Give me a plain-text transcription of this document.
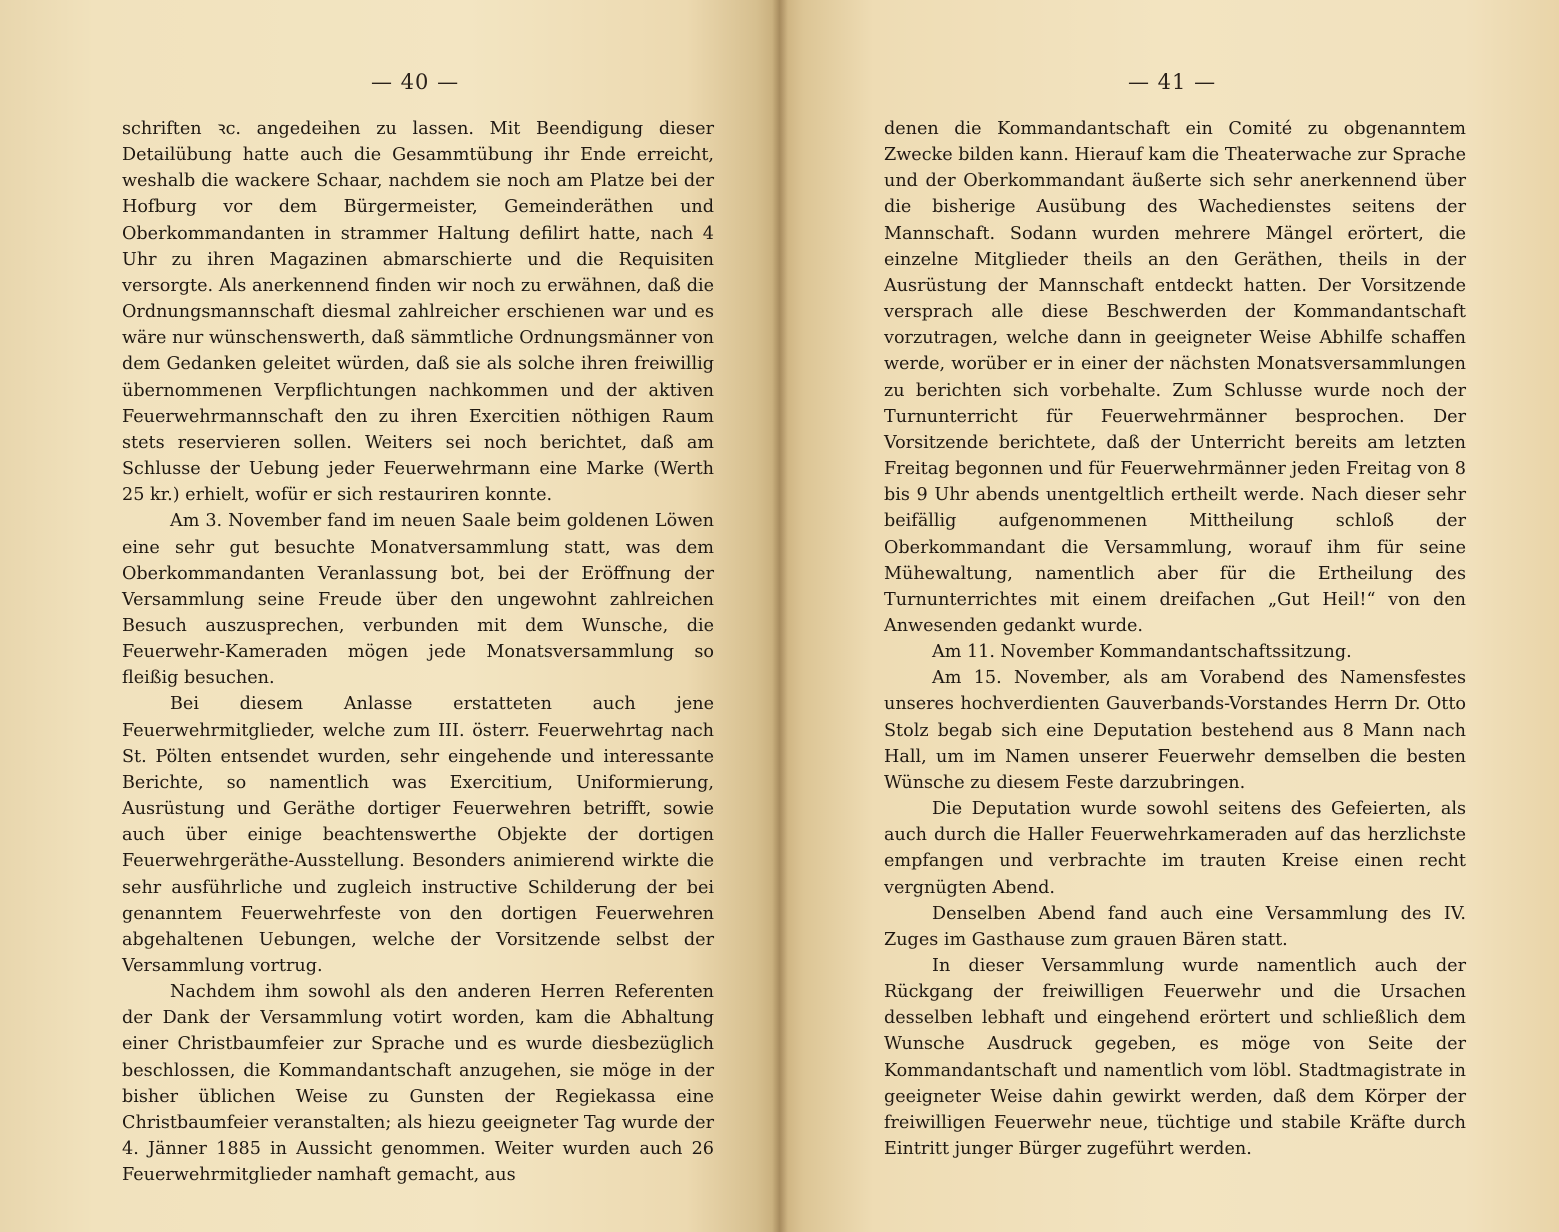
— 40 —

schriften ꝛc. angedeihen zu lassen. Mit Beendigung dieser Detailübung hatte auch die Gesammtübung ihr Ende erreicht, weshalb die wackere Schaar, nachdem sie noch am Platze bei der Hofburg vor dem Bürgermeister, Gemeinderäthen und Oberkommandanten in strammer Haltung defilirt hatte, nach 4 Uhr zu ihren Magazinen abmarschierte und die Requisiten versorgte. Als anerkennend finden wir noch zu erwähnen, daß die Ordnungsmannschaft diesmal zahlreicher erschienen war und es wäre nur wünschenswerth, daß sämmtliche Ordnungsmänner von dem Gedanken geleitet würden, daß sie als solche ihren freiwillig übernommenen Verpflichtungen nachkommen und der aktiven Feuerwehrmannschaft den zu ihren Exercitien nöthigen Raum stets reservieren sollen. Weiters sei noch berichtet, daß am Schlusse der Uebung jeder Feuerwehrmann eine Marke (Werth 25 kr.) erhielt, wofür er sich restauriren konnte.

Am 3. November fand im neuen Saale beim goldenen Löwen eine sehr gut besuchte Monatversammlung statt, was dem Oberkommandanten Veranlassung bot, bei der Eröffnung der Versammlung seine Freude über den ungewohnt zahlreichen Besuch auszusprechen, verbunden mit dem Wunsche, die Feuerwehr-Kameraden mögen jede Monatsversammlung so fleißig besuchen.

Bei diesem Anlasse erstatteten auch jene Feuerwehrmitglieder, welche zum III. österr. Feuerwehrtag nach St. Pölten entsendet wurden, sehr eingehende und interessante Berichte, so namentlich was Exercitium, Uniformierung, Ausrüstung und Geräthe dortiger Feuerwehren betrifft, sowie auch über einige beachtenswerthe Objekte der dortigen Feuerwehrgeräthe-Ausstellung. Besonders animierend wirkte die sehr ausführliche und zugleich instructive Schilderung der bei genanntem Feuerwehrfeste von den dortigen Feuerwehren abgehaltenen Uebungen, welche der Vorsitzende selbst der Versammlung vortrug.

Nachdem ihm sowohl als den anderen Herren Referenten der Dank der Versammlung votirt worden, kam die Abhaltung einer Christbaumfeier zur Sprache und es wurde diesbezüglich beschlossen, die Kommandantschaft anzugehen, sie möge in der bisher üblichen Weise zu Gunsten der Regiekassa eine Christbaumfeier veranstalten; als hiezu geeigneter Tag wurde der 4. Jänner 1885 in Aussicht genommen. Weiter wurden auch 26 Feuerwehrmitglieder namhaft gemacht, aus

— 41 —

denen die Kommandantschaft ein Comité zu obgenanntem Zwecke bilden kann. Hierauf kam die Theaterwache zur Sprache und der Oberkommandant äußerte sich sehr anerkennend über die bisherige Ausübung des Wachedienstes seitens der Mannschaft. Sodann wurden mehrere Mängel erörtert, die einzelne Mitglieder theils an den Geräthen, theils in der Ausrüstung der Mannschaft entdeckt hatten. Der Vorsitzende versprach alle diese Beschwerden der Kommandantschaft vorzutragen, welche dann in geeigneter Weise Abhilfe schaffen werde, worüber er in einer der nächsten Monatsversammlungen zu berichten sich vorbehalte. Zum Schlusse wurde noch der Turnunterricht für Feuerwehrmänner besprochen. Der Vorsitzende berichtete, daß der Unterricht bereits am letzten Freitag begonnen und für Feuerwehrmänner jeden Freitag von 8 bis 9 Uhr abends unentgeltlich ertheilt werde. Nach dieser sehr beifällig aufgenommenen Mittheilung schloß der Oberkommandant die Versammlung, worauf ihm für seine Mühewaltung, namentlich aber für die Ertheilung des Turnunterrichtes mit einem dreifachen „Gut Heil!“ von den Anwesenden gedankt wurde.

Am 11. November Kommandantschaftssitzung.

Am 15. November, als am Vorabend des Namensfestes unseres hochverdienten Gauverbands-Vorstandes Herrn Dr. Otto Stolz begab sich eine Deputation bestehend aus 8 Mann nach Hall, um im Namen unserer Feuerwehr demselben die besten Wünsche zu diesem Feste darzubringen.

Die Deputation wurde sowohl seitens des Gefeierten, als auch durch die Haller Feuerwehrkameraden auf das herzlichste empfangen und verbrachte im trauten Kreise einen recht vergnügten Abend.

Denselben Abend fand auch eine Versammlung des IV. Zuges im Gasthause zum grauen Bären statt.

In dieser Versammlung wurde namentlich auch der Rückgang der freiwilligen Feuerwehr und die Ursachen desselben lebhaft und eingehend erörtert und schließlich dem Wunsche Ausdruck gegeben, es möge von Seite der Kommandantschaft und namentlich vom löbl. Stadtmagistrate in geeigneter Weise dahin gewirkt werden, daß dem Körper der freiwilligen Feuerwehr neue, tüchtige und stabile Kräfte durch Eintritt junger Bürger zugeführt werden.
